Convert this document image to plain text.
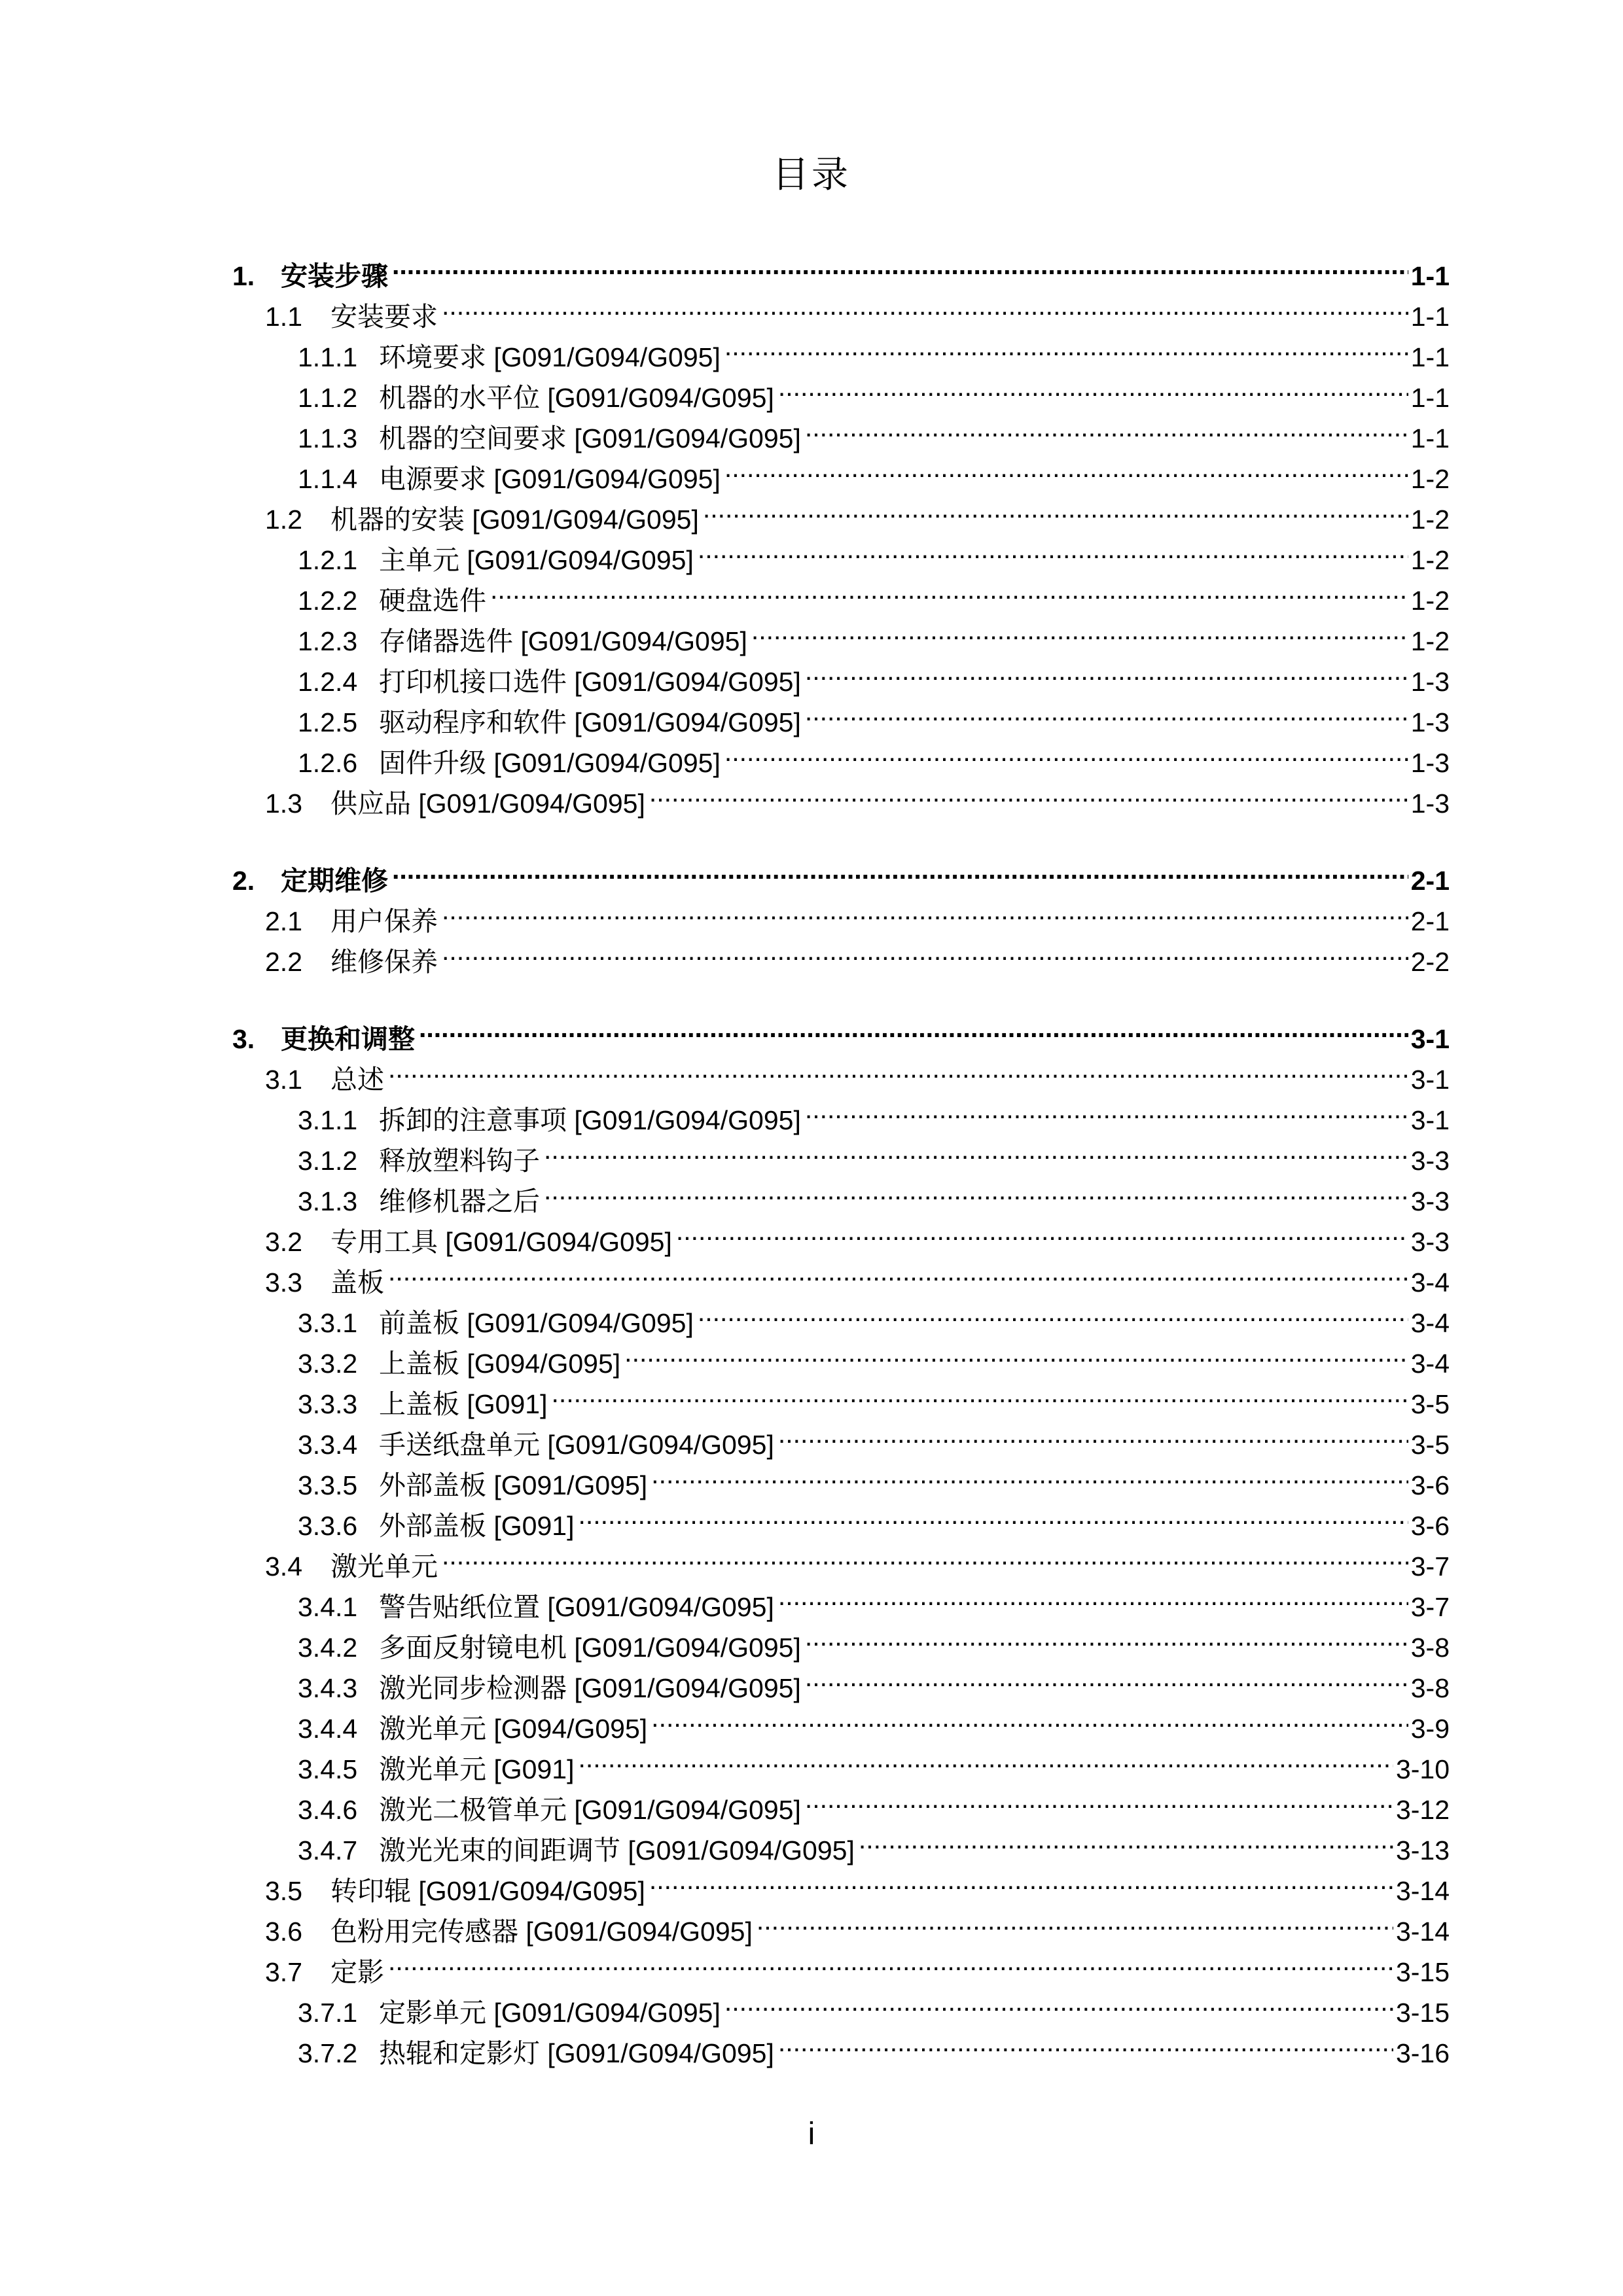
目录
1. 安装步骤 .....	1-1
1.1	安装要求 .....	1-1
1.1.1 环境要求 [G091/G094/G095] .....	1-1
1.1.2 机器的水平位 [G091/G094/G095] .....	1-1
1.1.3 机器的空间要求 [G091/G094/G095] .....	1-1
1.1.4 电源要求 [G091/G094/G095] .....	1-2
1.2	机器的安装 [G091/G094/G095] .....	1-2
1.2.1 主单元 [G091/G094/G095] .....	1-2
1.2.2 硬盘选件 .....	1-2
1.2.3 存储器选件 [G091/G094/G095] .....	1-2
1.2.4 打印机接口选件 [G091/G094/G095] .....	1-3
1.2.5 驱动程序和软件 [G091/G094/G095] .....	1-3
1.2.6 固件升级 [G091/G094/G095] .....	1-3
1.3	供应品 [G091/G094/G095] .....	1-3
2. 定期维修 .....	2-1
2.1	用户保养 .....	2-1
2.2	维修保养 .....	2-2
3. 更换和调整 .....	3-1
3.1	总述 .....	3-1
3.1.1 拆卸的注意事项 [G091/G094/G095] .....	3-1
3.1.2 释放塑料钩子 .....	3-3
3.1.3 维修机器之后 .....	3-3
3.2	专用工具 [G091/G094/G095] .....	3-3
3.3	盖板 .....	3-4
3.3.1 前盖板 [G091/G094/G095] .....	3-4
3.3.2 上盖板 [G094/G095] .....	3-4
3.3.3 上盖板 [G091] .....	3-5
3.3.4 手送纸盘单元 [G091/G094/G095] .....	3-5
3.3.5 外部盖板 [G091/G095] .....	3-6
3.3.6 外部盖板 [G091] .....	3-6
3.4	激光单元 .....	3-7
3.4.1 警告贴纸位置 [G091/G094/G095] .....	3-7
3.4.2 多面反射镜电机 [G091/G094/G095] .....	3-8
3.4.3 激光同步检测器 [G091/G094/G095] .....	3-8
3.4.4 激光单元 [G094/G095] .....	3-9
3.4.5 激光单元 [G091] .....	3-10
3.4.6 激光二极管单元 [G091/G094/G095] .....	3-12
3.4.7 激光光束的间距调节 [G091/G094/G095] .....	3-13
3.5	转印辊 [G091/G094/G095] .....	3-14
3.6	色粉用完传感器 [G091/G094/G095] .....	3-14
3.7	定影 .....	3-15
3.7.1 定影单元 [G091/G094/G095] .....	3-15
3.7.2 热辊和定影灯 [G091/G094/G095] .....	3-16
i
